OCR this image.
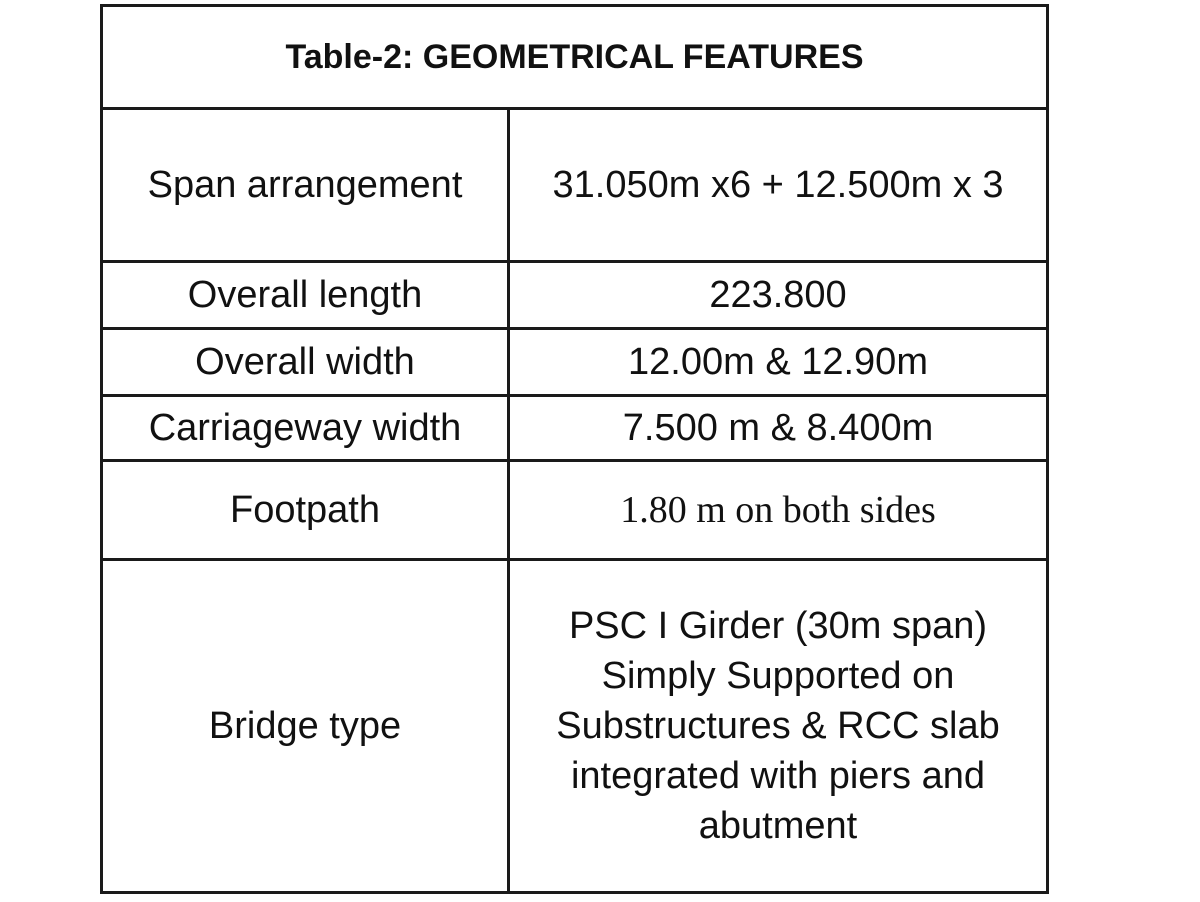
Table-2: GEOMETRICAL FEATURES	
Span arrangement	31.050m x6 + 12.500m x 3
Overall length	223.800
Overall width	12.00m & 12.90m
Carriageway width	7.500 m & 8.400m
Footpath	1.80 m on both sides
Bridge type	PSC I Girder (30m span)
Simply Supported on
Substructures & RCC slab
integrated with piers and
abutment
